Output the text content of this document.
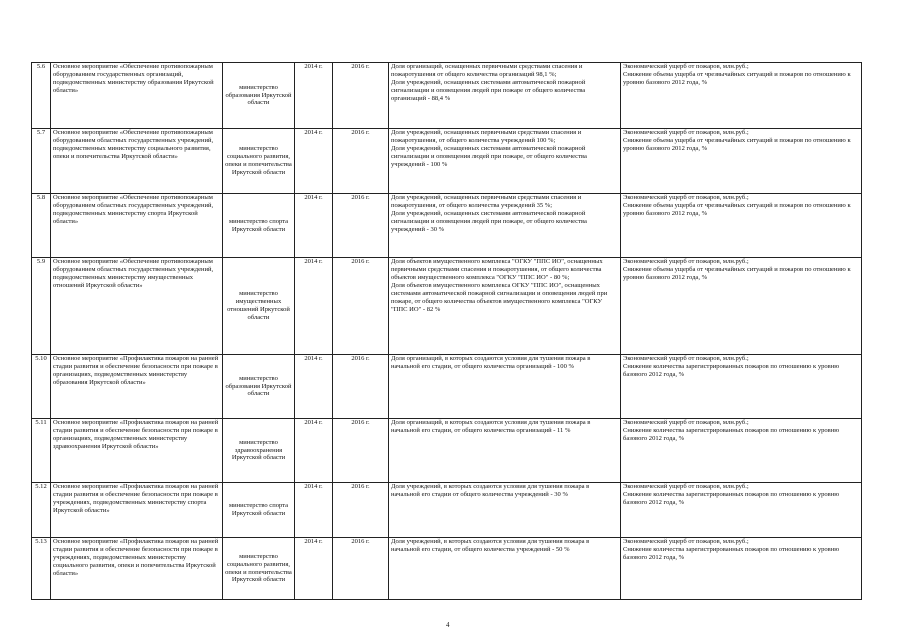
5.6	Основное мероприятие «Обеспечение противопожарным оборудованием государственных организаций, подведомственных министерству образования Иркутской области»	министерство образования Иркутской области	2014 г.	2016 г.	Доля организаций, оснащенных первичными средствами спасения и пожаротушения от общего количества организаций 98,1 %;
Доля учреждений, оснащенных системами автоматической пожарной сигнализации и оповещения людей при пожаре от общего количества организаций - 88,4 %	Экономический ущерб от пожаров, млн.руб.;
Снижение объема ущерба от чрезвычайных ситуаций и пожаров по отношению к уровню базового 2012 года, %
5.7	Основное мероприятие «Обеспечение противопожарным оборудованием областных государственных учреждений, подведомственных министерству социального развития, опеки и попечительства Иркутской области»	министерство социального развития, опеки и попечительства Иркутской области	2014 г.	2016 г.	Доля учреждений, оснащенных первичными средствами спасения и пожаротушения, от общего количества учреждений 100 %;
Доля учреждений, оснащенных системами автоматической пожарной сигнализации и оповещения людей при пожаре, от общего количества учреждений - 100 %	Экономический ущерб от пожаров, млн.руб.;
Снижение объема ущерба от чрезвычайных ситуаций и пожаров по отношению к уровню базового 2012 года, %
5.8	Основное мероприятие «Обеспечение противопожарным оборудованием областных государственных учреждений, подведомственных министерству спорта Иркутской области»	министерство спорта Иркутской области	2014 г.	2016 г.	Доля учреждений, оснащенных первичными средствами спасения и пожаротушения, от общего количества учреждений 35 %;
Доля учреждений, оснащенных системами автоматической пожарной сигнализации и оповещения людей при пожаре, от общего количества учреждений - 30 %	Экономический ущерб от пожаров, млн.руб.;
Снижение объема ущерба от чрезвычайных ситуаций и пожаров по отношению к уровню базового 2012 года, %
5.9	Основное мероприятие «Обеспечение противопожарным оборудованием областных государственных учреждений, подведомственных министерству имущественных отношений Иркутской области»	министерство имущественных отношений Иркутской области	2014 г.	2016 г.	Доля объектов имущественного комплекса "ОГКУ "ППС ИО", оснащенных первичными средствами спасения и пожаротушения, от общего количества объектов имущественного комплекса "ОГКУ "ППС ИО" - 80 %;
Доля объектов имущественного комплекса ОГКУ "ППС ИО", оснащенных системами автоматической пожарной сигнализации и оповещения людей при пожаре, от общего количества объектов имущественного комплекса "ОГКУ "ППС ИО" - 82 %	Экономический ущерб от пожаров, млн.руб.;
Снижение объема ущерба от чрезвычайных ситуаций и пожаров по отношению к уровню базового 2012 года, %
5.10	Основное мероприятие «Профилактика пожаров на ранней стадии развития и обеспечение безопасности при пожаре в организациях, подведомственных министерству образования Иркутской области»	министерство образования Иркутской области	2014 г.	2016 г.	Доля организаций, в которых создаются условия для тушения пожара в начальной его стадии, от общего количества организаций - 100 %	Экономический ущерб от пожаров, млн.руб.;
Снижение количества зарегистрированных пожаров по отношению к уровню базового 2012 года, %
5.11	Основное мероприятие «Профилактика пожаров на ранней стадии развития и обеспечение безопасности при пожаре в организациях, подведомственных министерству здравоохранения Иркутской области»	министерство здравоохранения Иркутской области	2014 г.	2016 г.	Доля организаций, в которых создаются условия для тушения пожара в начальной его стадии, от общего количества организаций - 11 %	Экономический ущерб от пожаров, млн.руб.;
Снижение количества зарегистрированных пожаров по отношению к уровню базового 2012 года, %
5.12	Основное мероприятие «Профилактика пожаров на ранней стадии развития и обеспечение безопасности при пожаре в учреждениях, подведомственных министерству спорта Иркутской области»	министерство спорта Иркутской области	2014 г.	2016 г.	Доля учреждений, в которых создаются условия для тушения пожара в начальной его стадии от общего количества учреждений - 30 %	Экономический ущерб от пожаров, млн.руб.;
Снижение количества зарегистрированных пожаров по отношению к уровню базового 2012 года, %
5.13	Основное мероприятие «Профилактика пожаров на ранней стадии развития и обеспечение безопасности при пожаре в учреждениях, подведомственных министерству социального развития, опеки и попечительства Иркутской области»	министерство социального развития, опеки и попечительства Иркутской области	2014 г.	2016 г.	Доля учреждений, в которых создаются условия для тушения пожара в начальной его стадии, от общего количества учреждений - 50 %	Экономический ущерб от пожаров, млн.руб.;
Снижение количества зарегистрированных пожаров по отношению к уровню базового 2012 года, %
4
